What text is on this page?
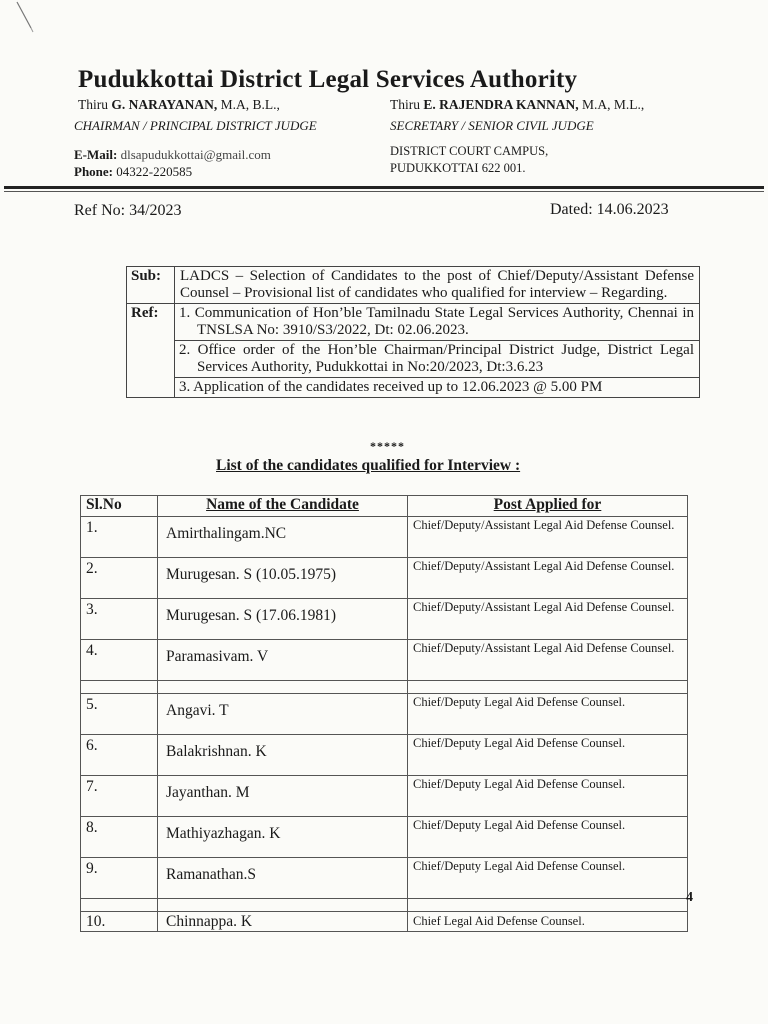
Pudukkottai District Legal Services Authority
Thiru G. NARAYANAN, M.A, B.L.,
CHAIRMAN / PRINCIPAL DISTRICT JUDGE
Thiru E. RAJENDRA KANNAN, M.A, M.L.,
SECRETARY / SENIOR CIVIL JUDGE
E-Mail: dlsapudukkottai@gmail.com
Phone: 04322-220585
DISTRICT COURT CAMPUS,
PUDUKKOTTAI 622 001.
Ref No: 34/2023	Dated: 14.06.2023
Sub:	LADCS – Selection of Candidates to the post of Chief/Deputy/Assistant Defense Counsel – Provisional list of candidates who qualified for interview – Regarding.
Ref:	1. Communication of Hon’ble Tamilnadu State Legal Services Authority, Chennai in TNSLSA No: 3910/S3/2022, Dt: 02.06.2023.
	2. Office order of the Hon’ble Chairman/Principal District Judge, District Legal Services Authority, Pudukkottai in No:20/2023, Dt:3.6.23
	3. Application of the candidates received up to 12.06.2023 @ 5.00 PM
*****
List of the candidates qualified for Interview :
Sl.No	Name of the Candidate	Post Applied for
1.	Amirthalingam.NC	Chief/Deputy/Assistant Legal Aid Defense Counsel.
2.	Murugesan. S (10.05.1975)	Chief/Deputy/Assistant Legal Aid Defense Counsel.
3.	Murugesan. S (17.06.1981)	Chief/Deputy/Assistant Legal Aid Defense Counsel.
4.	Paramasivam. V	Chief/Deputy/Assistant Legal Aid Defense Counsel.

5.	Angavi. T	Chief/Deputy Legal Aid Defense Counsel.
6.	Balakrishnan. K	Chief/Deputy Legal Aid Defense Counsel.
7.	Jayanthan. M	Chief/Deputy Legal Aid Defense Counsel.
8.	Mathiyazhagan. K	Chief/Deputy Legal Aid Defense Counsel.
9.	Ramanathan.S	Chief/Deputy Legal Aid Defense Counsel.

10.	Chinnappa. K	Chief Legal Aid Defense Counsel.
4
